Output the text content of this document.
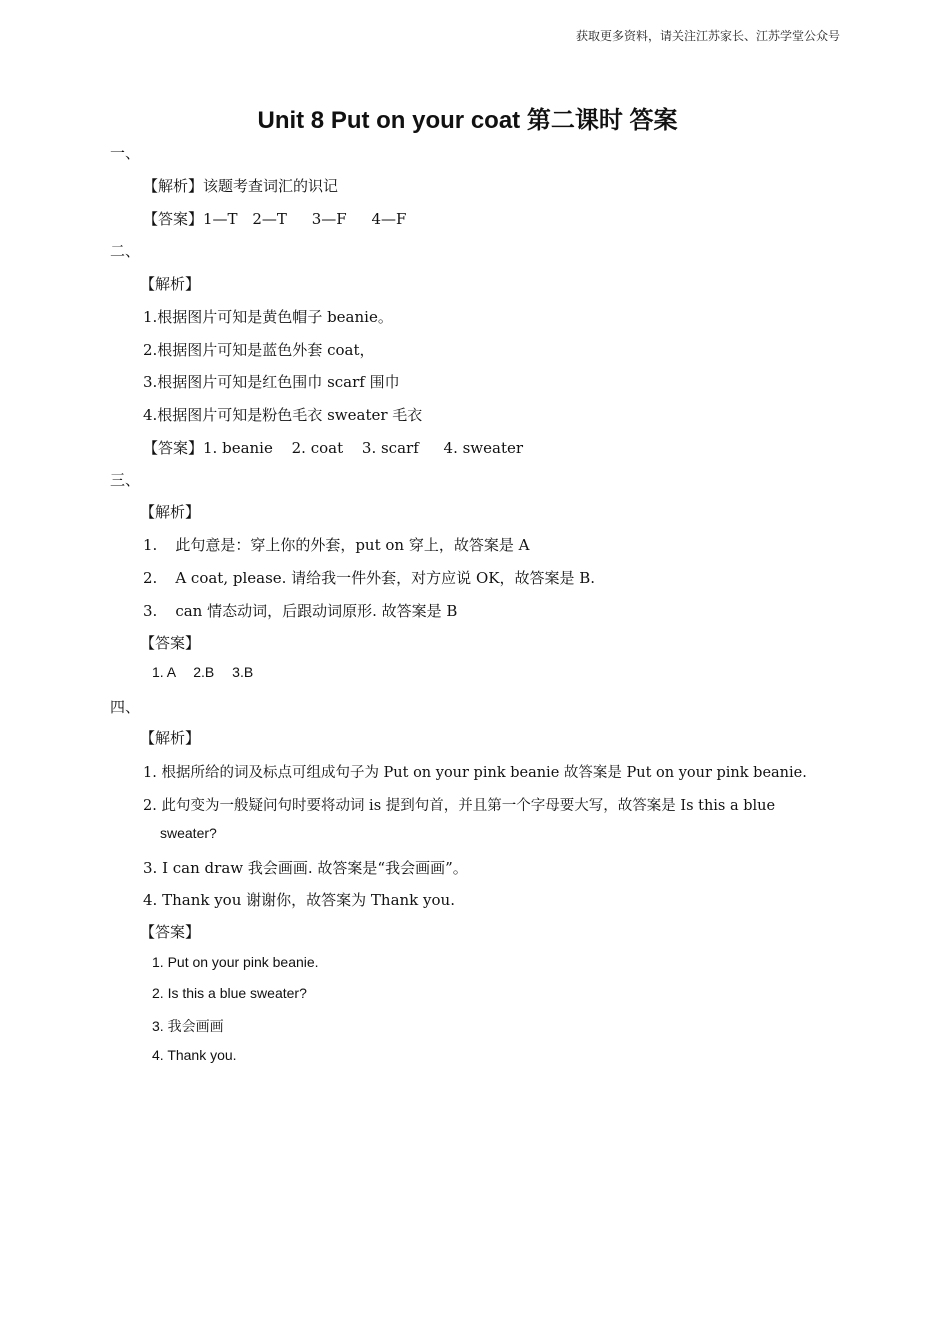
获取更多资料，请关注江苏家长、江苏学堂公众号
Unit 8 Put on your coat 第二课时 答案
一、
【解析】该题考查词汇的识记
【答案】1—T 2—T 3—F 4—F
二、
【解析】
1.根据图片可知是黄色帽子 beanie。
2.根据图片可知是蓝色外套 coat，
3.根据图片可知是红色围巾 scarf 围巾
4.根据图片可知是粉色毛衣 sweater 毛衣
【答案】1. beanie 2. coat 3. scarf 4. sweater
三、
【解析】
1. 此句意是：穿上你的外套，put on 穿上，故答案是 A
2. A coat, please. 请给我一件外套，对方应说 OK，故答案是 B.
3. can 情态动词，后跟动词原形. 故答案是 B
【答案】
1. A 2.B 3.B
四、
【解析】
1. 根据所给的词及标点可组成句子为 Put on your pink beanie 故答案是 Put on your pink beanie.
2. 此句变为一般疑问句时要将动词 is 提到句首，并且第一个字母要大写，故答案是 Is this a blue
sweater?
3. I can draw 我会画画. 故答案是“我会画画”。
4. Thank you 谢谢你，故答案为 Thank you.
【答案】
1. Put on your pink beanie.
2. Is this a blue sweater?
3. 我会画画
4. Thank you.
